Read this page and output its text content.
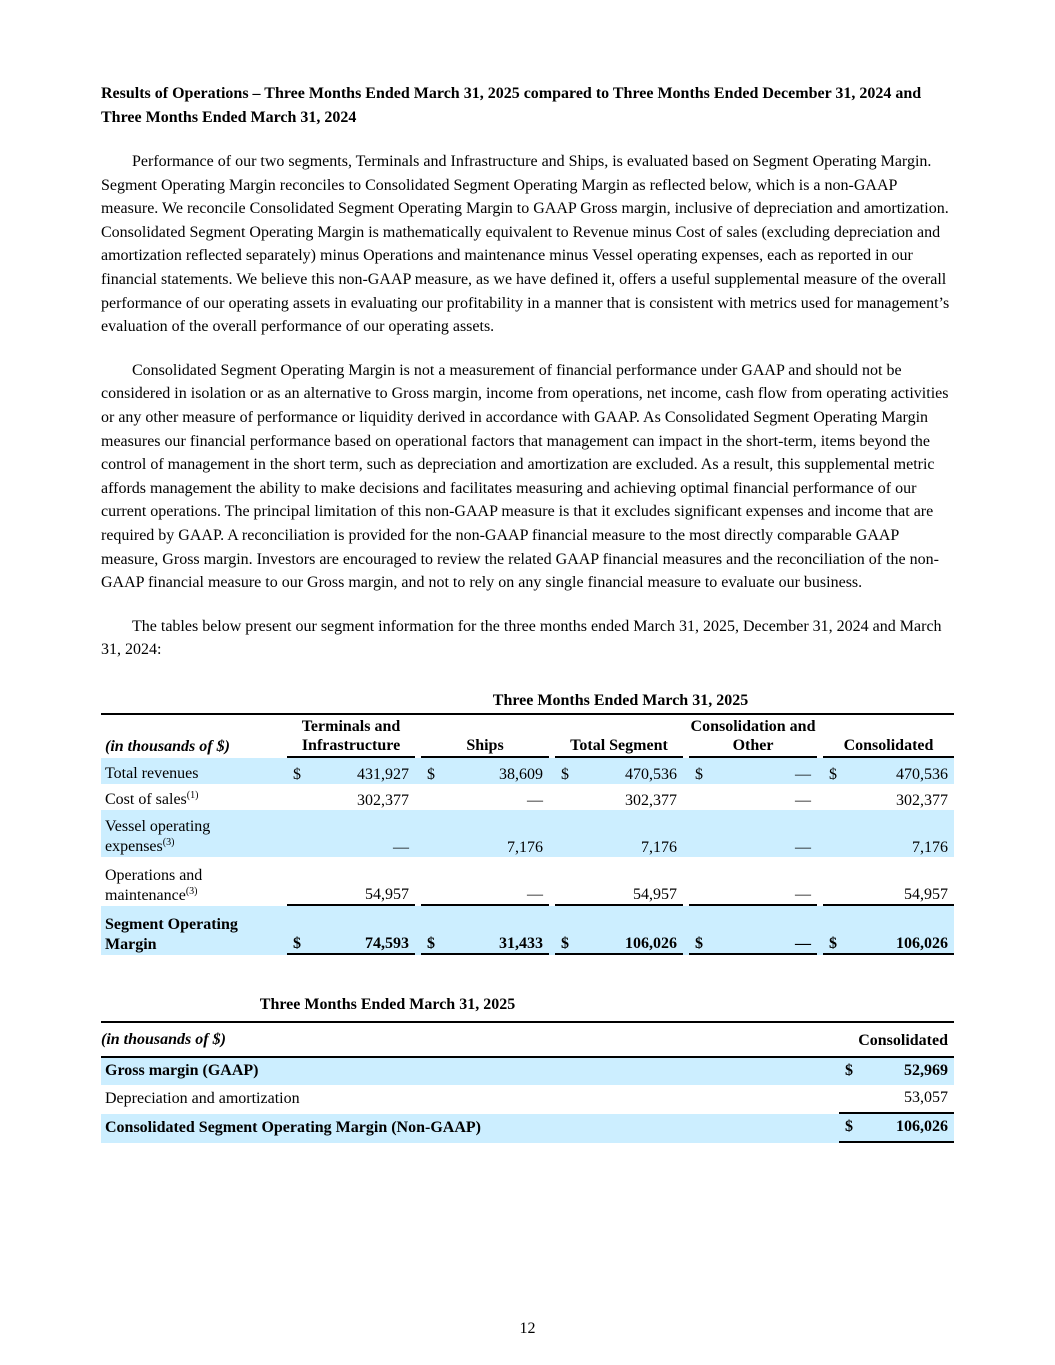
Results of Operations – Three Months Ended March 31, 2025 compared to Three Months Ended December 31, 2024 and Three Months Ended March 31, 2024

Performance of our two segments, Terminals and Infrastructure and Ships, is evaluated based on Segment Operating Margin. Segment Operating Margin reconciles to Consolidated Segment Operating Margin as reflected below, which is a non-GAAP measure. We reconcile Consolidated Segment Operating Margin to GAAP Gross margin, inclusive of depreciation and amortization. Consolidated Segment Operating Margin is mathematically equivalent to Revenue minus Cost of sales (excluding depreciation and amortization reflected separately) minus Operations and maintenance minus Vessel operating expenses, each as reported in our financial statements. We believe this non-GAAP measure, as we have defined it, offers a useful supplemental measure of the overall performance of our operating assets in evaluating our profitability in a manner that is consistent with metrics used for management’s evaluation of the overall performance of our operating assets.

Consolidated Segment Operating Margin is not a measurement of financial performance under GAAP and should not be considered in isolation or as an alternative to Gross margin, income from operations, net income, cash flow from operating activities or any other measure of performance or liquidity derived in accordance with GAAP. As Consolidated Segment Operating Margin measures our financial performance based on operational factors that management can impact in the short-term, items beyond the control of management in the short term, such as depreciation and amortization are excluded. As a result, this supplemental metric affords management the ability to make decisions and facilitates measuring and achieving optimal financial performance of our current operations. The principal limitation of this non-GAAP measure is that it excludes significant expenses and income that are required by GAAP. A reconciliation is provided for the non-GAAP financial measure to the most directly comparable GAAP measure, Gross margin. Investors are encouraged to review the related GAAP financial measures and the reconciliation of the non-GAAP financial measure to our Gross margin, and not to rely on any single financial measure to evaluate our business.

The tables below present our segment information for the three months ended March 31, 2025, December 31, 2024 and March 31, 2024:

	Three Months Ended March 31, 2025													
(in thousands of $)	Terminals and Infrastructure			Ships			Total Segment			Consolidation and Other			Consolidated	
Total revenues	$	431,927		$	38,609		$	470,536		$	—		$	470,536
Cost of sales$^{(1)}$		302,377			—			302,377			—			302,377
Vessel operating
expenses$^{(3)}$		—			7,176			7,176			—			7,176
Operations and
maintenance$^{(3)}$		54,957			—			54,957			—			54,957
Segment Operating
Margin	$	74,593		$	31,433		$	106,026		$	—		$	106,026
Three Months Ended March 31, 2025		
(in thousands of $)	Consolidated	
Gross margin (GAAP)	$	52,969
Depreciation and amortization		53,057
Consolidated Segment Operating Margin (Non-GAAP)	$	106,026
12
